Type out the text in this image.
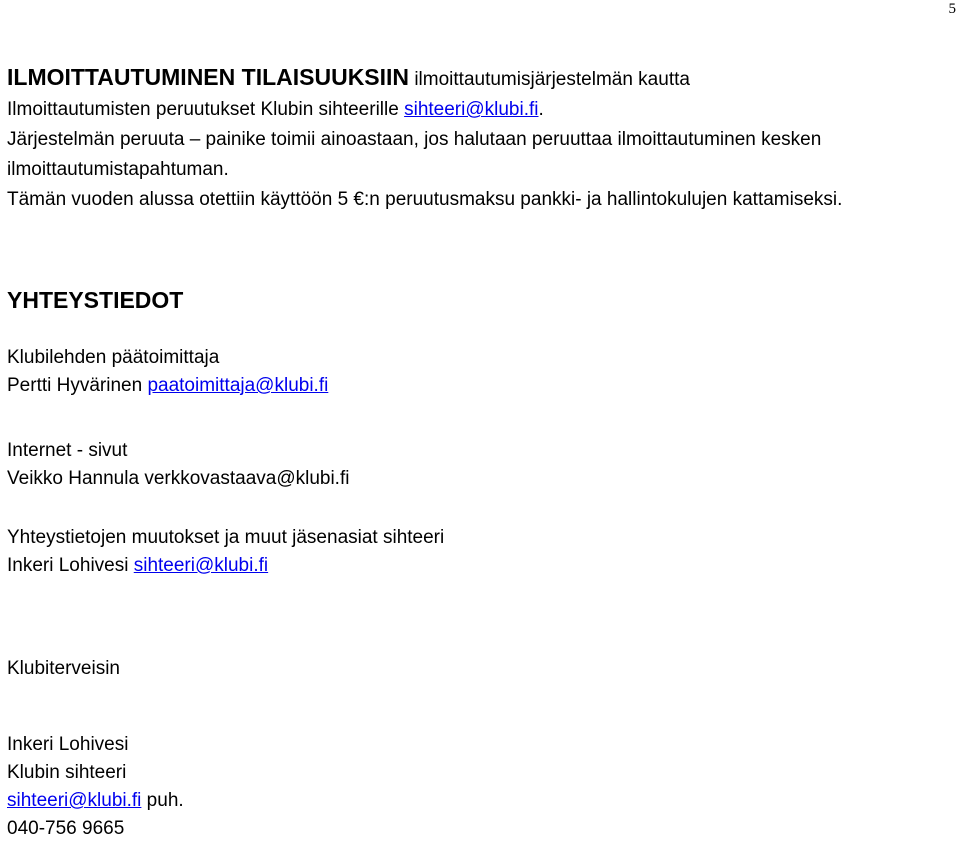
5
ILMOITTAUTUMINEN TILAISUUKSIIN ilmoittautumisjärjestelmän kautta
Ilmoittautumisten peruutukset Klubin sihteerille sihteeri@klubi.fi.
Järjestelmän peruuta – painike toimii ainoastaan, jos halutaan peruuttaa ilmoittautuminen kesken ilmoittautumistapahtuman.
Tämän vuoden alussa otettiin käyttöön 5 €:n peruutusmaksu pankki- ja hallintokulujen kattamiseksi.
YHTEYSTIEDOT
Klubilehden päätoimittaja
Pertti Hyvärinen paatoimittaja@klubi.fi
Internet - sivut
Veikko Hannula verkkovastaava@klubi.fi
Yhteystietojen muutokset ja muut jäsenasiat sihteeri
Inkeri Lohivesi sihteeri@klubi.fi
Klubiterveisin
Inkeri Lohivesi
Klubin sihteeri
sihteeri@klubi.fi puh.
040-756 9665
